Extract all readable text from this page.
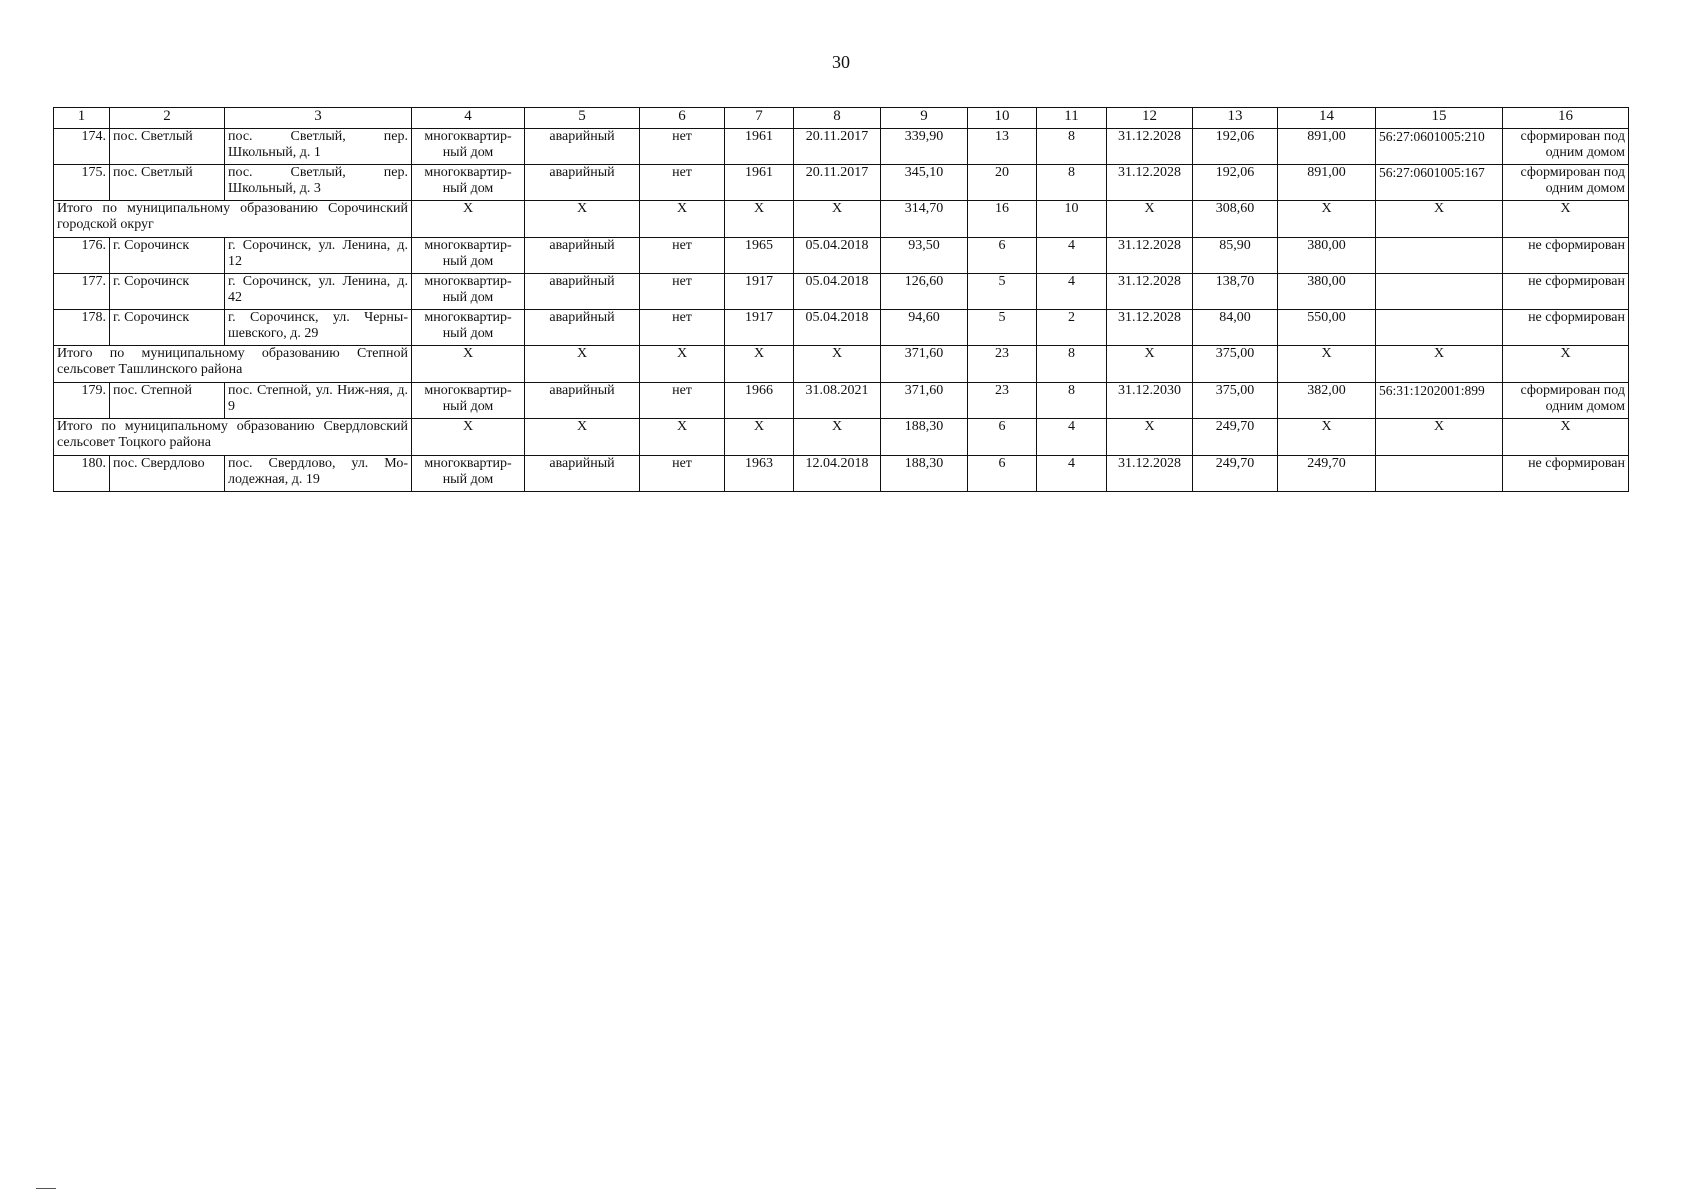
30
1	2	3	4	5	6	7	8	9	10	11	12	13	14	15	16
174.	пос. Светлый	пос. Светлый, пер. Школьный, д. 1	многоквартир-ный дом	аварийный	нет	1961	20.11.2017	339,90	13	8	31.12.2028	192,06	891,00	56:27:0601005:210	сформирован под одним домом
175.	пос. Светлый	пос. Светлый, пер. Школьный, д. 3	многоквартир-ный дом	аварийный	нет	1961	20.11.2017	345,10	20	8	31.12.2028	192,06	891,00	56:27:0601005:167	сформирован под одним домом
Итого по муниципальному образованию Сорочинский городской округ			X	X	X	X	X	314,70	16	10	X	308,60	X	X	X
176.	г. Сорочинск	г. Сорочинск, ул. Ленина, д. 12	многоквартир-ный дом	аварийный	нет	1965	05.04.2018	93,50	6	4	31.12.2028	85,90	380,00		не сформирован
177.	г. Сорочинск	г. Сорочинск, ул. Ленина, д. 42	многоквартир-ный дом	аварийный	нет	1917	05.04.2018	126,60	5	4	31.12.2028	138,70	380,00		не сформирован
178.	г. Сорочинск	г. Сорочинск, ул. Черны-шевского, д. 29	многоквартир-ный дом	аварийный	нет	1917	05.04.2018	94,60	5	2	31.12.2028	84,00	550,00		не сформирован
Итого по муниципальному образованию Степной сельсовет Ташлинского района			X	X	X	X	X	371,60	23	8	X	375,00	X	X	X
179.	пос. Степной	пос. Степной, ул. Ниж-няя, д. 9	многоквартир-ный дом	аварийный	нет	1966	31.08.2021	371,60	23	8	31.12.2030	375,00	382,00	56:31:1202001:899	сформирован под одним домом
Итого по муниципальному образованию Свердловский сельсовет Тоцкого района			X	X	X	X	X	188,30	6	4	X	249,70	X	X	X
180.	пос. Свердлово	пос. Свердлово, ул. Мо-лодежная, д. 19	многоквартир-ный дом	аварийный	нет	1963	12.04.2018	188,30	6	4	31.12.2028	249,70	249,70		не сформирован
